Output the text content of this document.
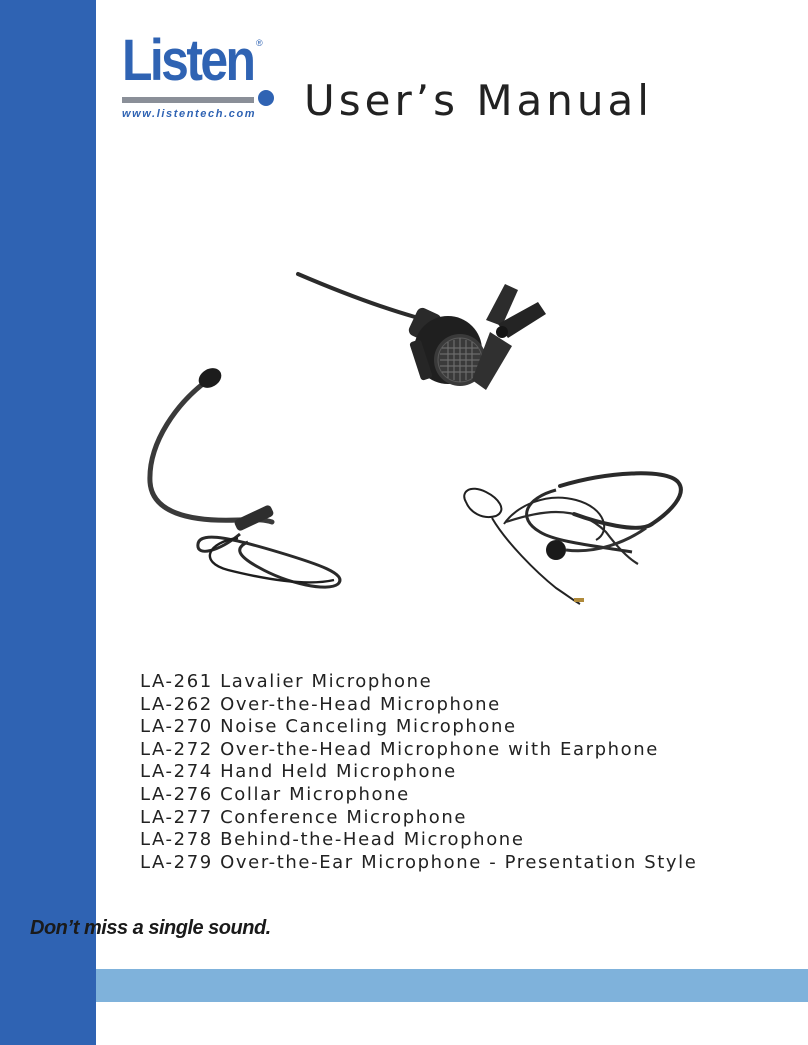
Listen ®
www.listentech.com User’s Manual
LA-261 Lavalier Microphone
LA-262 Over-the-Head Microphone
LA-270 Noise Canceling Microphone
LA-272 Over-the-Head Microphone with Earphone
LA-274 Hand Held Microphone
LA-276 Collar Microphone
LA-277 Conference Microphone
LA-278 Behind-the-Head Microphone
LA-279 Over-the-Ear Microphone - Presentation Style
Don’t miss a single sound.
